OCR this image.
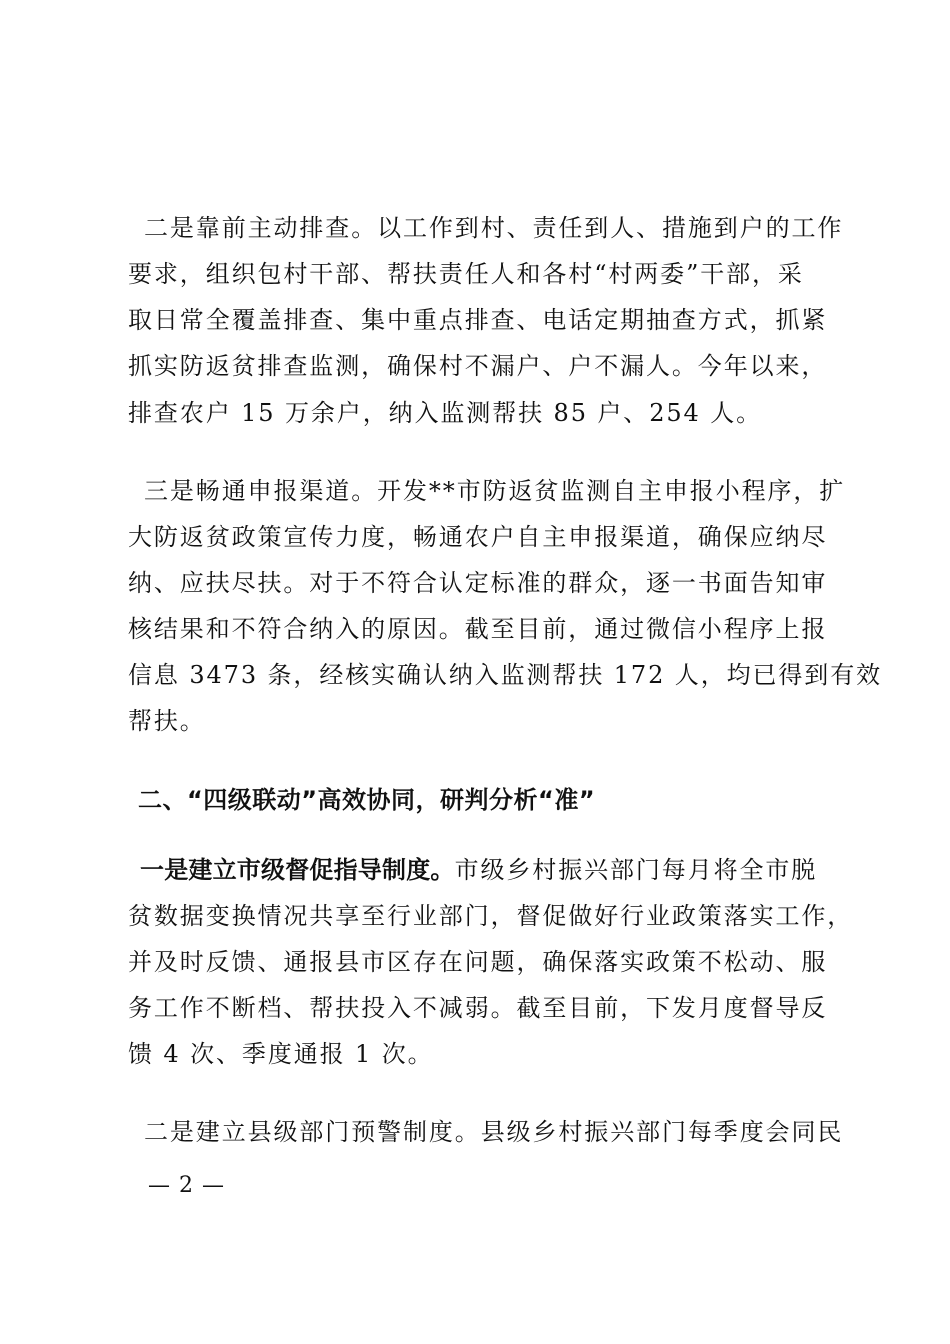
二是靠前主动排查。以工作到村、责任到人、措施到户的工作
要求，组织包村干部、帮扶责任人和各村“村两委”干部，采
取日常全覆盖排查、集中重点排查、电话定期抽查方式，抓紧
抓实防返贫排查监测，确保村不漏户、户不漏人。今年以来，
排查农户 15 万余户，纳入监测帮扶 85 户、254 人。
三是畅通申报渠道。开发**市防返贫监测自主申报小程序，扩
大防返贫政策宣传力度，畅通农户自主申报渠道，确保应纳尽
纳、应扶尽扶。对于不符合认定标准的群众，逐一书面告知审
核结果和不符合纳入的原因。截至目前，通过微信小程序上报
信息 3473 条，经核实确认纳入监测帮扶 172 人，均已得到有效
帮扶。
二、“四级联动”高效协同，研判分析“准”
一是建立市级督促指导制度。市级乡村振兴部门每月将全市脱
贫数据变换情况共享至行业部门，督促做好行业政策落实工作，
并及时反馈、通报县市区存在问题，确保落实政策不松动、服
务工作不断档、帮扶投入不减弱。截至目前，下发月度督导反
馈 4 次、季度通报 1 次。
二是建立县级部门预警制度。县级乡村振兴部门每季度会同民
— 2 —
